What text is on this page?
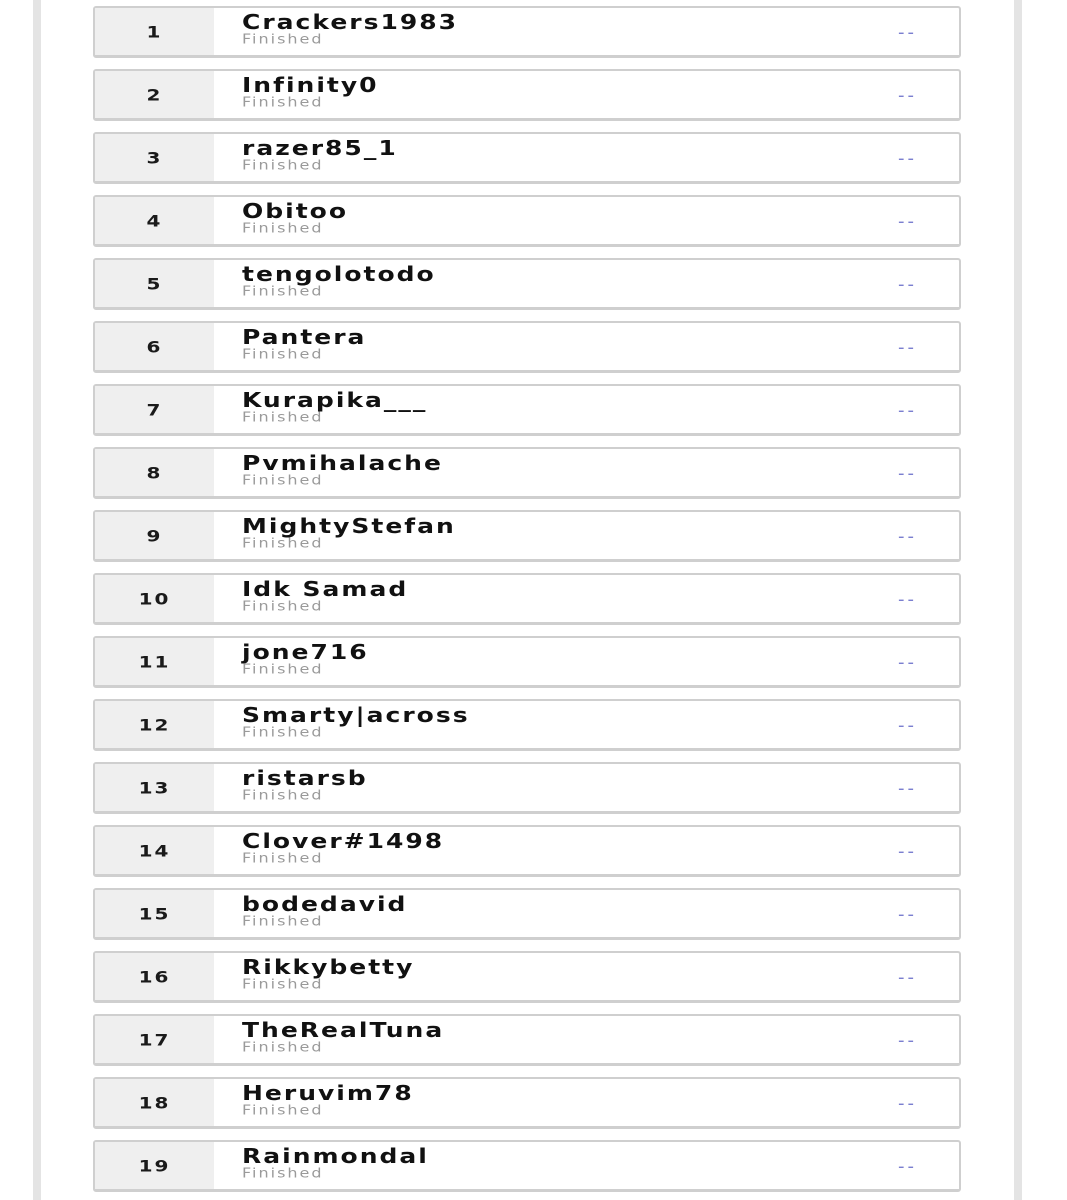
1	Crackers1983
Finished	--
2	Infinity0
Finished	--
3	razer85_1
Finished	--
4	Obitoo
Finished	--
5	tengolotodo
Finished	--
6	Pantera
Finished	--
7	Kurapika___
Finished	--
8	Pvmihalache
Finished	--
9	MightyStefan
Finished	--
10	Idk Samad
Finished	--
11	jone716
Finished	--
12	Smarty|across
Finished	--
13	ristarsb
Finished	--
14	Clover#1498
Finished	--
15	bodedavid
Finished	--
16	Rikkybetty
Finished	--
17	TheRealTuna
Finished	--
18	Heruvim78
Finished	--
19	Rainmondal
Finished	--
